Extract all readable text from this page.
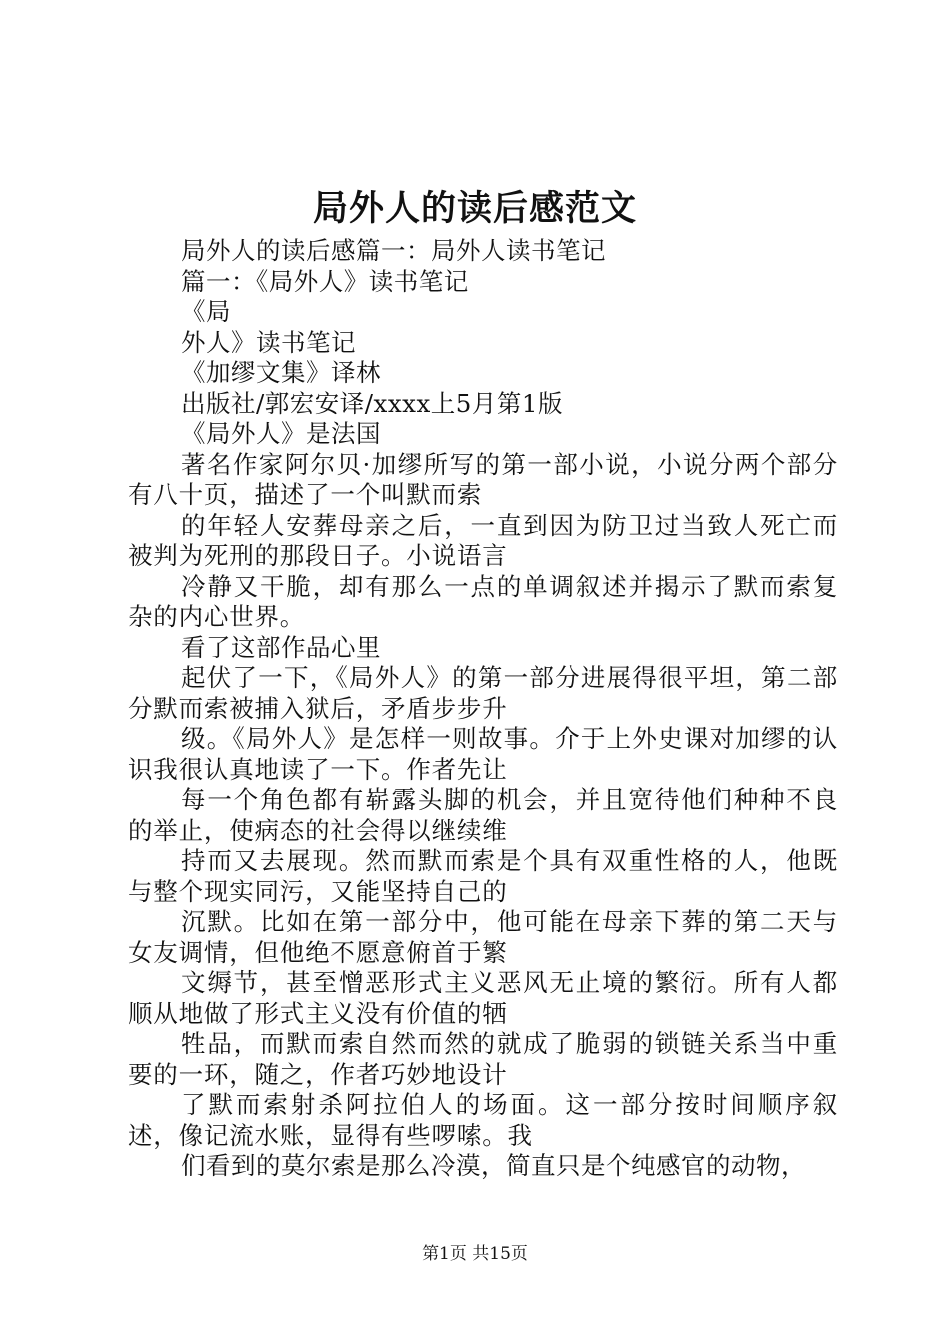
局外人的读后感范文

局外人的读后感篇一：局外人读书笔记

篇一：《局外人》读书笔记

《局

外人》读书笔记

《加缪文集》译林

出版社/郭宏安译/xxxx上5月第1版

《局外人》是法国

著名作家阿尔贝·加缪所写的第一部小说，小说分两个部分有八十页，描述了一个叫默而索

的年轻人安葬母亲之后，一直到因为防卫过当致人死亡而被判为死刑的那段日子。小说语言

冷静又干脆，却有那么一点的单调叙述并揭示了默而索复杂的内心世界。

看了这部作品心里

起伏了一下，《局外人》的第一部分进展得很平坦，第二部分默而索被捕入狱后，矛盾步步升

级。《局外人》是怎样一则故事。介于上外史课对加缪的认识我很认真地读了一下。作者先让

每一个角色都有崭露头脚的机会，并且宽待他们种种不良的举止，使病态的社会得以继续维

持而又去展现。然而默而索是个具有双重性格的人，他既与整个现实同污，又能坚持自己的

沉默。比如在第一部分中，他可能在母亲下葬的第二天与女友调情，但他绝不愿意俯首于繁

文缛节，甚至憎恶形式主义恶风无止境的繁衍。所有人都顺从地做了形式主义没有价值的牺

牲品，而默而索自然而然的就成了脆弱的锁链关系当中重要的一环，随之，作者巧妙地设计

了默而索射杀阿拉伯人的场面。这一部分按时间顺序叙述，像记流水账，显得有些啰嗦。我

们看到的莫尔索是那么冷漠，简直只是个纯感官的动物，

第1页 共15页
